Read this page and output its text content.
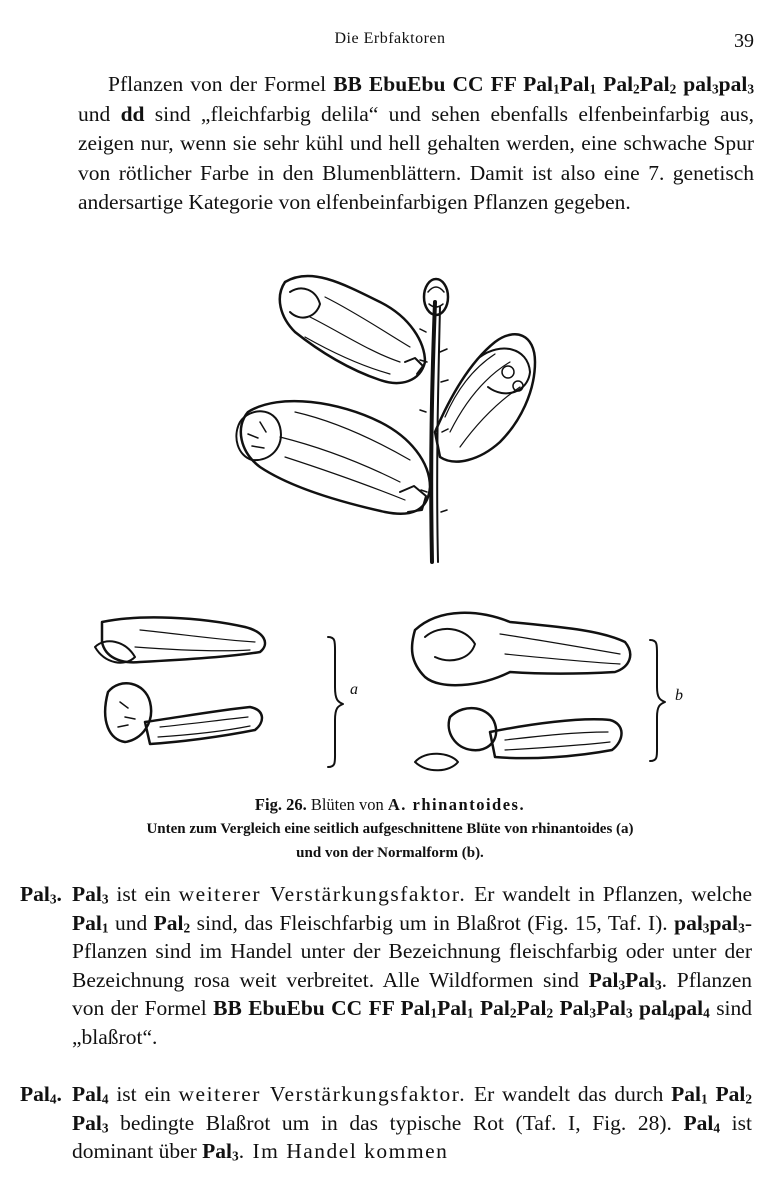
Die Erbfaktoren	39

Pflanzen von der Formel BB EbuEbu CC FF Pal$_1$Pal$_1$ Pal$_2$Pal$_2$ pal$_3$pal$_3$ und dd sind „fleichfarbig delila“ und sehen ebenfalls elfenbeinfarbig aus, zeigen nur, wenn sie sehr kühl und hell gehalten werden, eine schwache Spur von rötlicher Farbe in den Blumenblättern. Damit ist also eine 7. genetisch andersartige Kategorie von elfenbeinfarbigen Pflanzen gegeben.

a	b
Fig. 26. Blüten von A. rhinantoides.
Unten zum Vergleich eine seitlich aufgeschnittene Blüte von rhinantoides (a)
und von der Normalform (b).
Pal$_3$. Pal$_3$ ist ein weiterer Verstärkungsfaktor. Er wandelt in Pflanzen, welche Pal$_1$ und Pal$_2$ sind, das Fleischfarbig um in Blaßrot (Fig. 15, Taf. I). pal$_3$pal$_3$-Pflanzen sind im Handel unter der Bezeichnung fleischfarbig oder unter der Bezeichnung rosa weit verbreitet. Alle Wildformen sind Pal$_3$Pal$_3$. Pflanzen von der Formel BB EbuEbu CC FF Pal$_1$Pal$_1$ Pal$_2$Pal$_2$ Pal$_3$Pal$_3$ pal$_4$pal$_4$ sind „blaßrot“.

Pal$_4$. Pal$_4$ ist ein weiterer Verstärkungsfaktor. Er wandelt das durch Pal$_1$ Pal$_2$ Pal$_3$ bedingte Blaßrot um in das typische Rot (Taf. I, Fig. 28). Pal$_4$ ist dominant über Pal$_3$. Im Handel kommen
